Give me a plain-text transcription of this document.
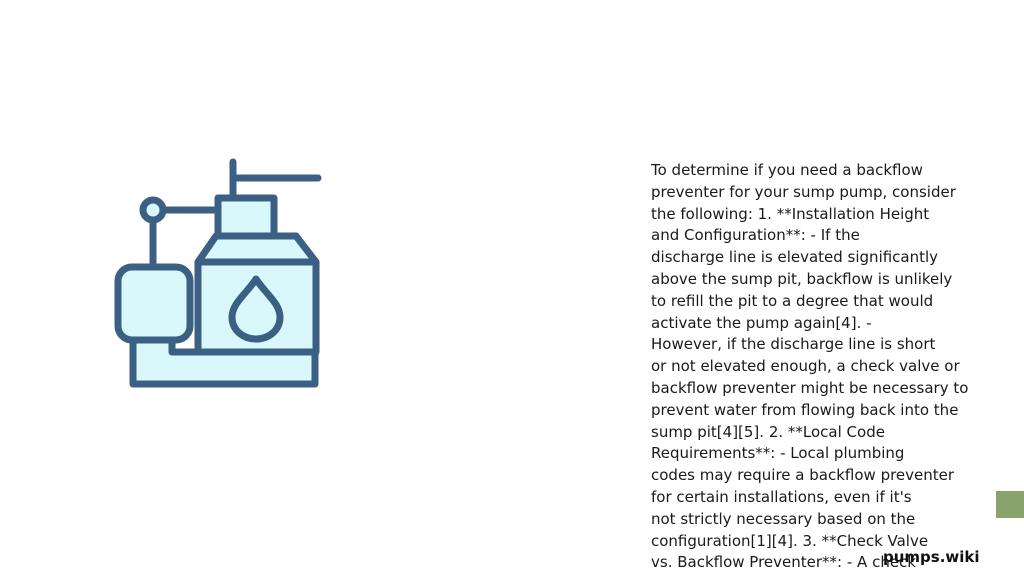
To determine if you need a backflow
preventer for your sump pump, consider
the following: 1. **Installation Height
and Configuration**: - If the
discharge line is elevated significantly
above the sump pit, backflow is unlikely
to refill the pit to a degree that would
activate the pump again[4]. -
However, if the discharge line is short
or not elevated enough, a check valve or
backflow preventer might be necessary to
prevent water from flowing back into the
sump pit[4][5]. 2. **Local Code
Requirements**: - Local plumbing
codes may require a backflow preventer
for certain installations, even if it's
not strictly necessary based on the
configuration[1][4]. 3. **Check Valve
vs. Backflow Preventer**: - A check
pumps.wiki
